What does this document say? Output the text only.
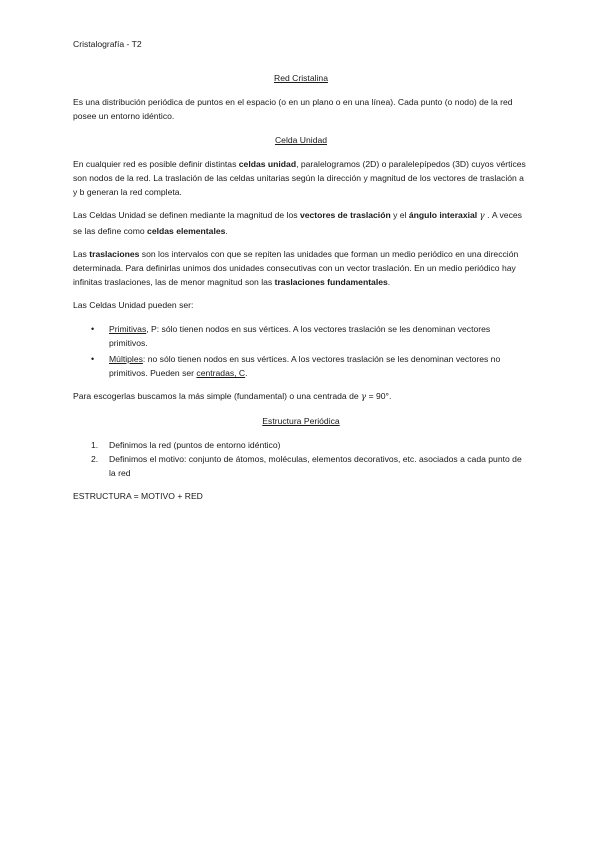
Cristalografía - T2
Red Cristalina

Es una distribución periódica de puntos en el espacio (o en un plano o en una línea). Cada punto (o nodo) de la red posee un entorno idéntico.

Celda Unidad

En cualquier red es posible definir distintas celdas unidad, paralelogramos (2D) o paralelepípedos (3D) cuyos vértices son nodos de la red. La traslación de las celdas unitarias según la dirección y magnitud de los vectores de traslación a y b generan la red completa.

Las Celdas Unidad se definen mediante la magnitud de los vectores de traslación y el ángulo interaxial γ . A veces se las define como celdas elementales.

Las traslaciones son los intervalos con que se repiten las unidades que forman un medio periódico en una dirección determinada. Para definirlas unimos dos unidades consecutivas con un vector traslación. En un medio periódico hay infinitas traslaciones, las de menor magnitud son las traslaciones fundamentales.

Las Celdas Unidad pueden ser:

• Primitivas, P: sólo tienen nodos en sus vértices. A los vectores traslación se les denominan vectores primitivos.
• Múltiples: no sólo tienen nodos en sus vértices. A los vectores traslación se les denominan vectores no primitivos. Pueden ser centradas, C.

Para escogerlas buscamos la más simple (fundamental) o una centrada de γ = 90°.

Estructura Periódica
1. Definimos la red (puntos de entorno idéntico)
2. Definimos el motivo: conjunto de átomos, moléculas, elementos decorativos, etc. asociados a cada punto de la red

ESTRUCTURA = MOTIVO + RED
